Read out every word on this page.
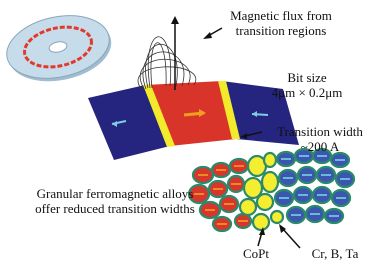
Magnetic flux from
transition regions
Bit size
4μm × 0.2μm
Transition width
~200 A
Granular ferromagnetic alloys
offer reduced transition widths
CoPt	Cr, B, Ta
